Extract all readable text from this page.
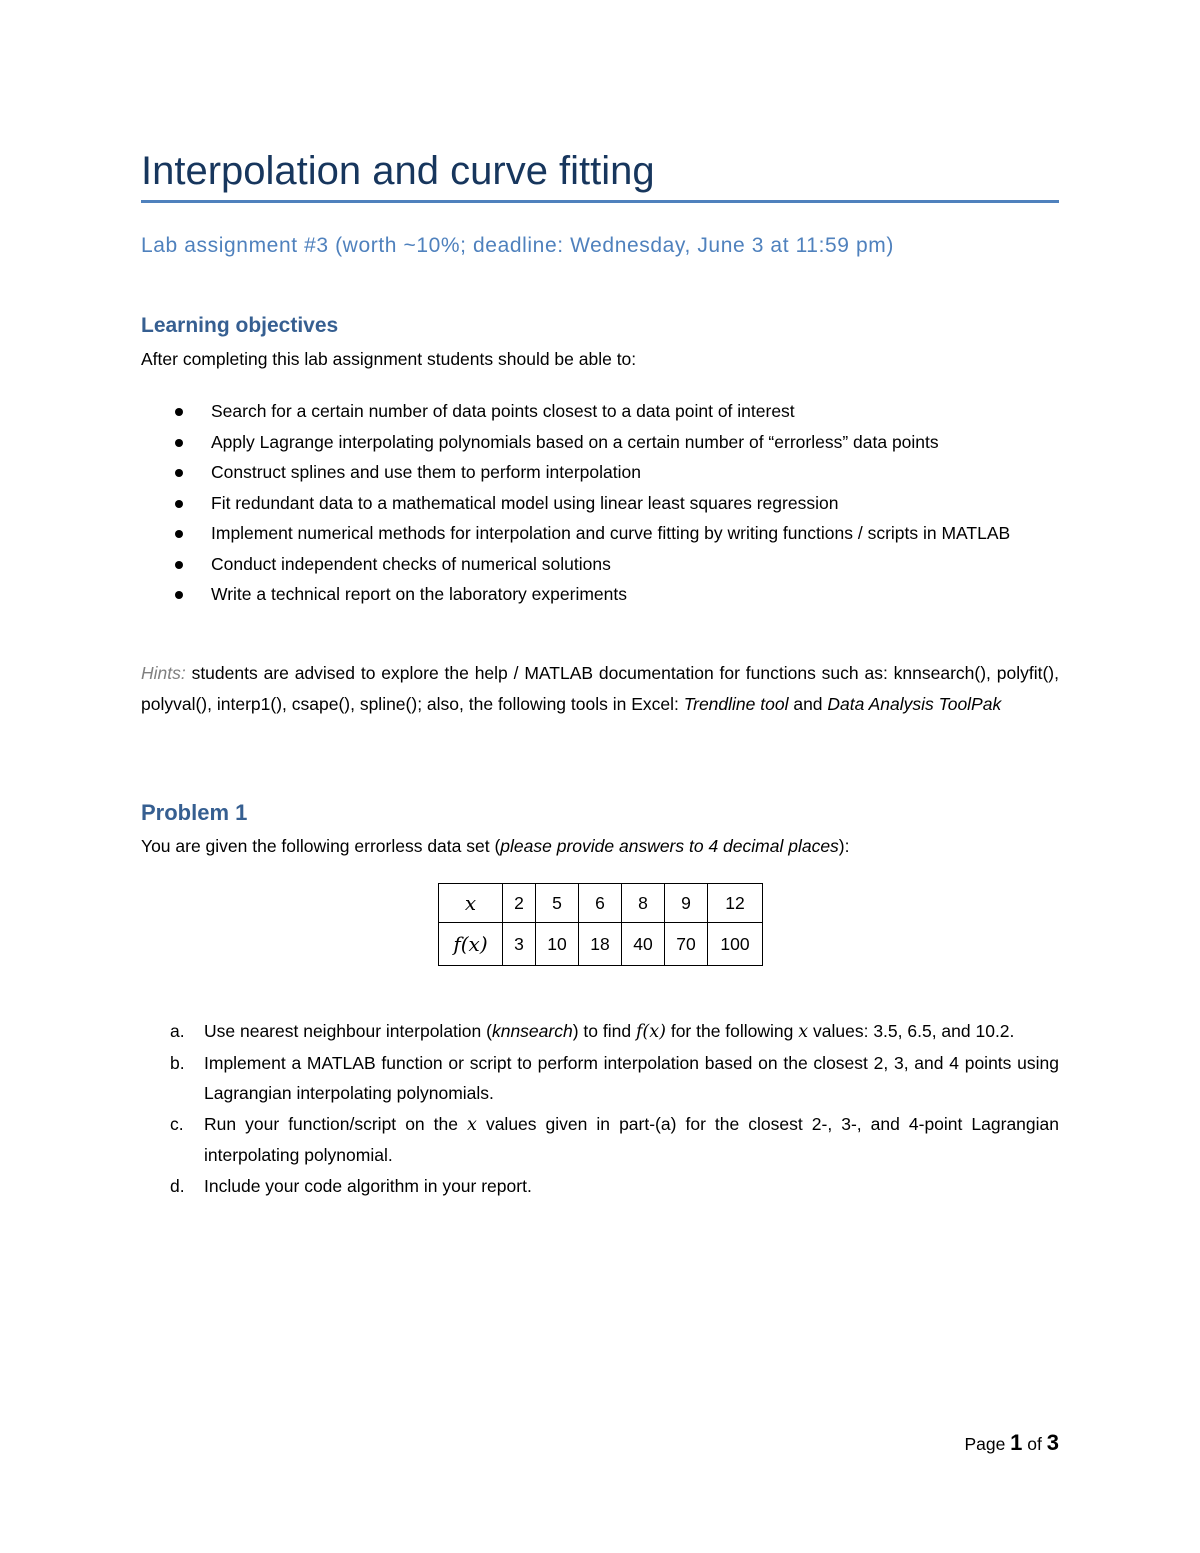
Interpolation and curve fitting
Lab assignment #3 (worth ~10%; deadline: Wednesday, June 3 at 11:59 pm)
Learning objectives
After completing this lab assignment students should be able to:
Search for a certain number of data points closest to a data point of interest
Apply Lagrange interpolating polynomials based on a certain number of “errorless” data points
Construct splines and use them to perform interpolation
Fit redundant data to a mathematical model using linear least squares regression
Implement numerical methods for interpolation and curve fitting by writing functions / scripts in MATLAB
Conduct independent checks of numerical solutions
Write a technical report on the laboratory experiments
Hints: students are advised to explore the help / MATLAB documentation for functions such as: knnsearch(), polyfit(), polyval(), interp1(), csape(), spline(); also, the following tools in Excel: Trendline tool and Data Analysis ToolPak
Problem 1
You are given the following errorless data set (please provide answers to 4 decimal places):
x	2	5	6	8	9	12
f(x)	3	10	18	40	70	100
a. Use nearest neighbour interpolation (knnsearch) to find f(x) for the following x values: 3.5, 6.5, and 10.2.
b. Implement a MATLAB function or script to perform interpolation based on the closest 2, 3, and 4 points using Lagrangian interpolating polynomials.
c. Run your function/script on the x values given in part-(a) for the closest 2-, 3-, and 4-point Lagrangian interpolating polynomial.
d. Include your code algorithm in your report.
Page 1 of 3
